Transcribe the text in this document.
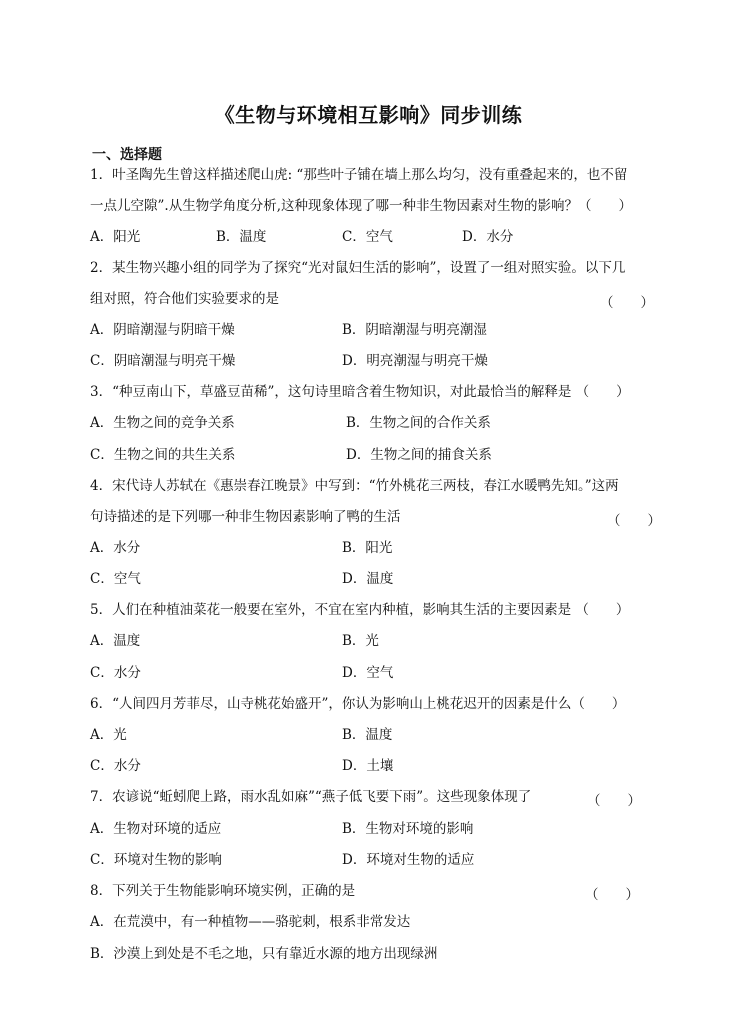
《生物与环境相互影响》同步训练
一、选择题
1．叶圣陶先生曾这样描述爬山虎: “那些叶子铺在墙上那么均匀，没有重叠起来的，也不留
一点儿空隙”.从生物学角度分析,这种现象体现了哪一种非生物因素对生物的影响？（　　）
A．阳光	B．温度	C．空气	D．水分
2．某生物兴趣小组的同学为了探究“光对鼠妇生活的影响”，设置了一组对照实验。以下几
组对照，符合他们实验要求的是	（　　）
A．阴暗潮湿与阴暗干燥	B．阴暗潮湿与明亮潮湿
C．阴暗潮湿与明亮干燥	D．明亮潮湿与明亮干燥
3．“种豆南山下，草盛豆苗稀”，这句诗里暗含着生物知识，对此最恰当的解释是 （　　）
A．生物之间的竞争关系	B．生物之间的合作关系
C．生物之间的共生关系	D．生物之间的捕食关系
4．宋代诗人苏轼在《惠崇春江晚景》中写到：“竹外桃花三两枝，春江水暖鸭先知。”这两
句诗描述的是下列哪一种非生物因素影响了鸭的生活	（　　）
A．水分	B．阳光
C．空气	D．温度
5．人们在种植油菜花一般要在室外，不宜在室内种植，影响其生活的主要因素是 （　　）
A．温度	B．光
C．水分	D．空气
6．“人间四月芳菲尽，山寺桃花始盛开”，你认为影响山上桃花迟开的因素是什么（　　）
A．光	B．温度
C．水分	D．土壤
7．农谚说“蚯蚓爬上路，雨水乱如麻”“燕子低飞要下雨”。这些现象体现了	（　　）
A．生物对环境的适应	B．生物对环境的影响
C．环境对生物的影响	D．环境对生物的适应
8．下列关于生物能影响环境实例，正确的是	（　　）
A．在荒漠中，有一种植物——骆驼刺，根系非常发达
B．沙漠上到处是不毛之地，只有靠近水源的地方出现绿洲
